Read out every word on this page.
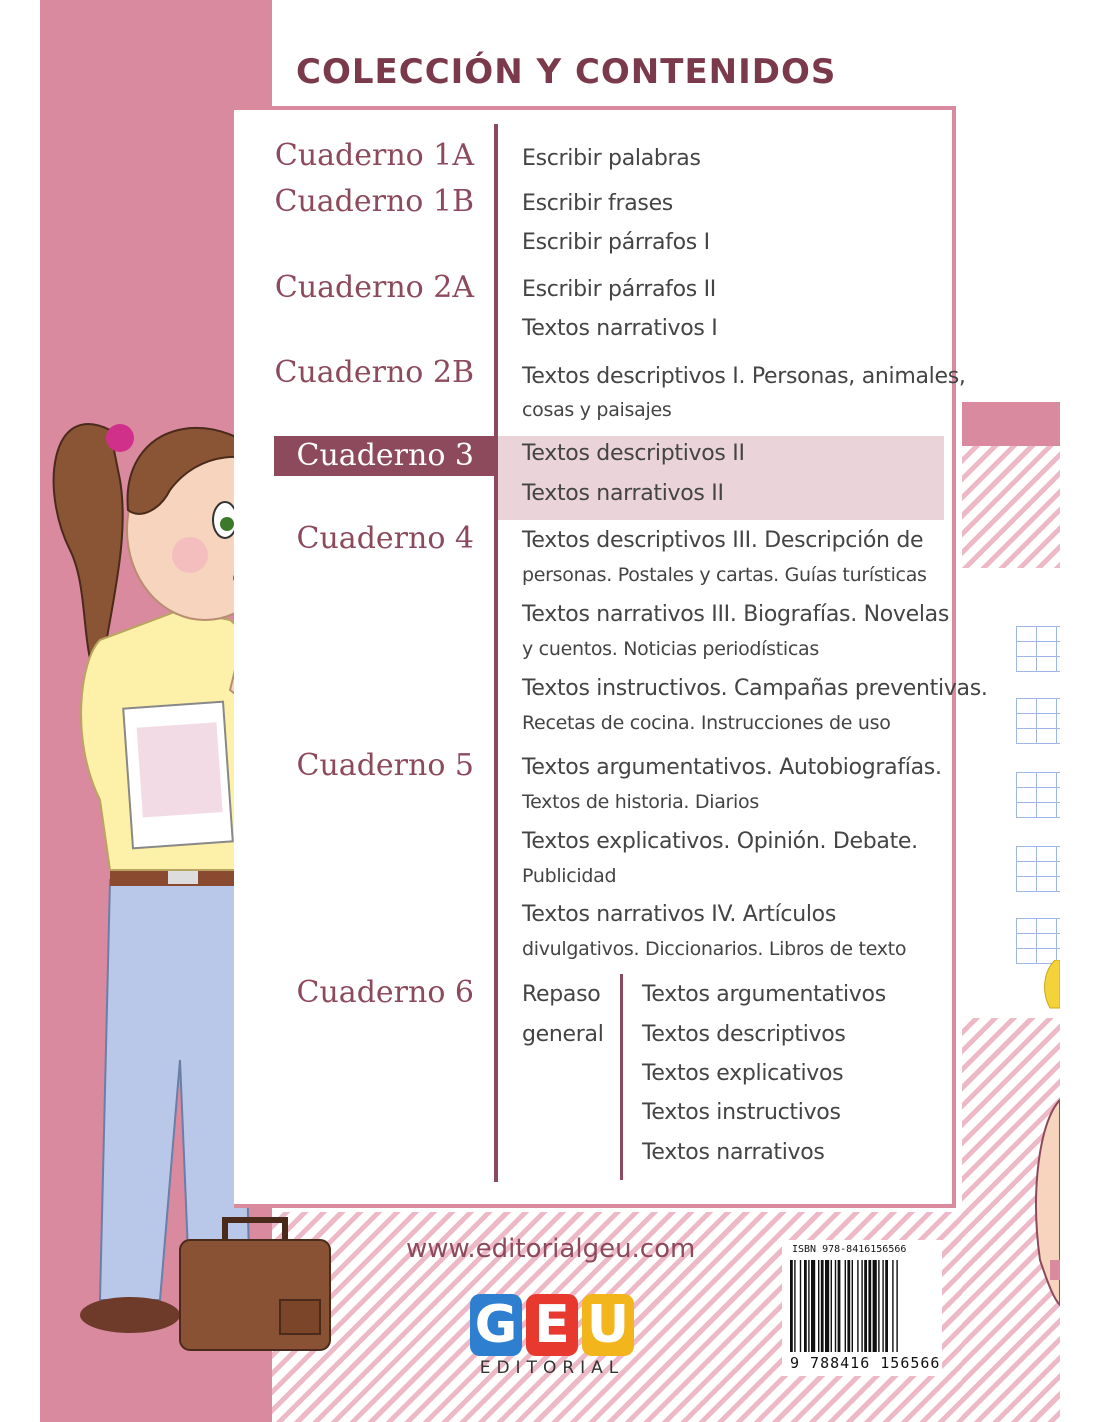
COLECCIÓN Y CONTENIDOS
Cuaderno 1A
Cuaderno 1B
Cuaderno 2A
Cuaderno 2B
Cuaderno 3
Cuaderno 4
Cuaderno 5
Cuaderno 6
Escribir palabras
Escribir frases
Escribir párrafos I
Escribir párrafos II
Textos narrativos I
Textos descriptivos I. Personas, animales,
cosas y paisajes
Textos descriptivos II
Textos narrativos II
Textos descriptivos III. Descripción de
personas. Postales y cartas. Guías turísticas
Textos narrativos III. Biografías. Novelas
y cuentos. Noticias periodísticas
Textos instructivos. Campañas preventivas.
Recetas de cocina. Instrucciones de uso
Textos argumentativos. Autobiografías.
Textos de historia. Diarios
Textos explicativos. Opinión. Debate.
Publicidad
Textos narrativos IV. Artículos
divulgativos. Diccionarios. Libros de texto
Repaso
general
Textos argumentativos
Textos descriptivos
Textos explicativos
Textos instructivos
Textos narrativos
www.editorialgeu.com
G E U
EDITORIAL
ISBN 978-8416156566
9 788416 156566
